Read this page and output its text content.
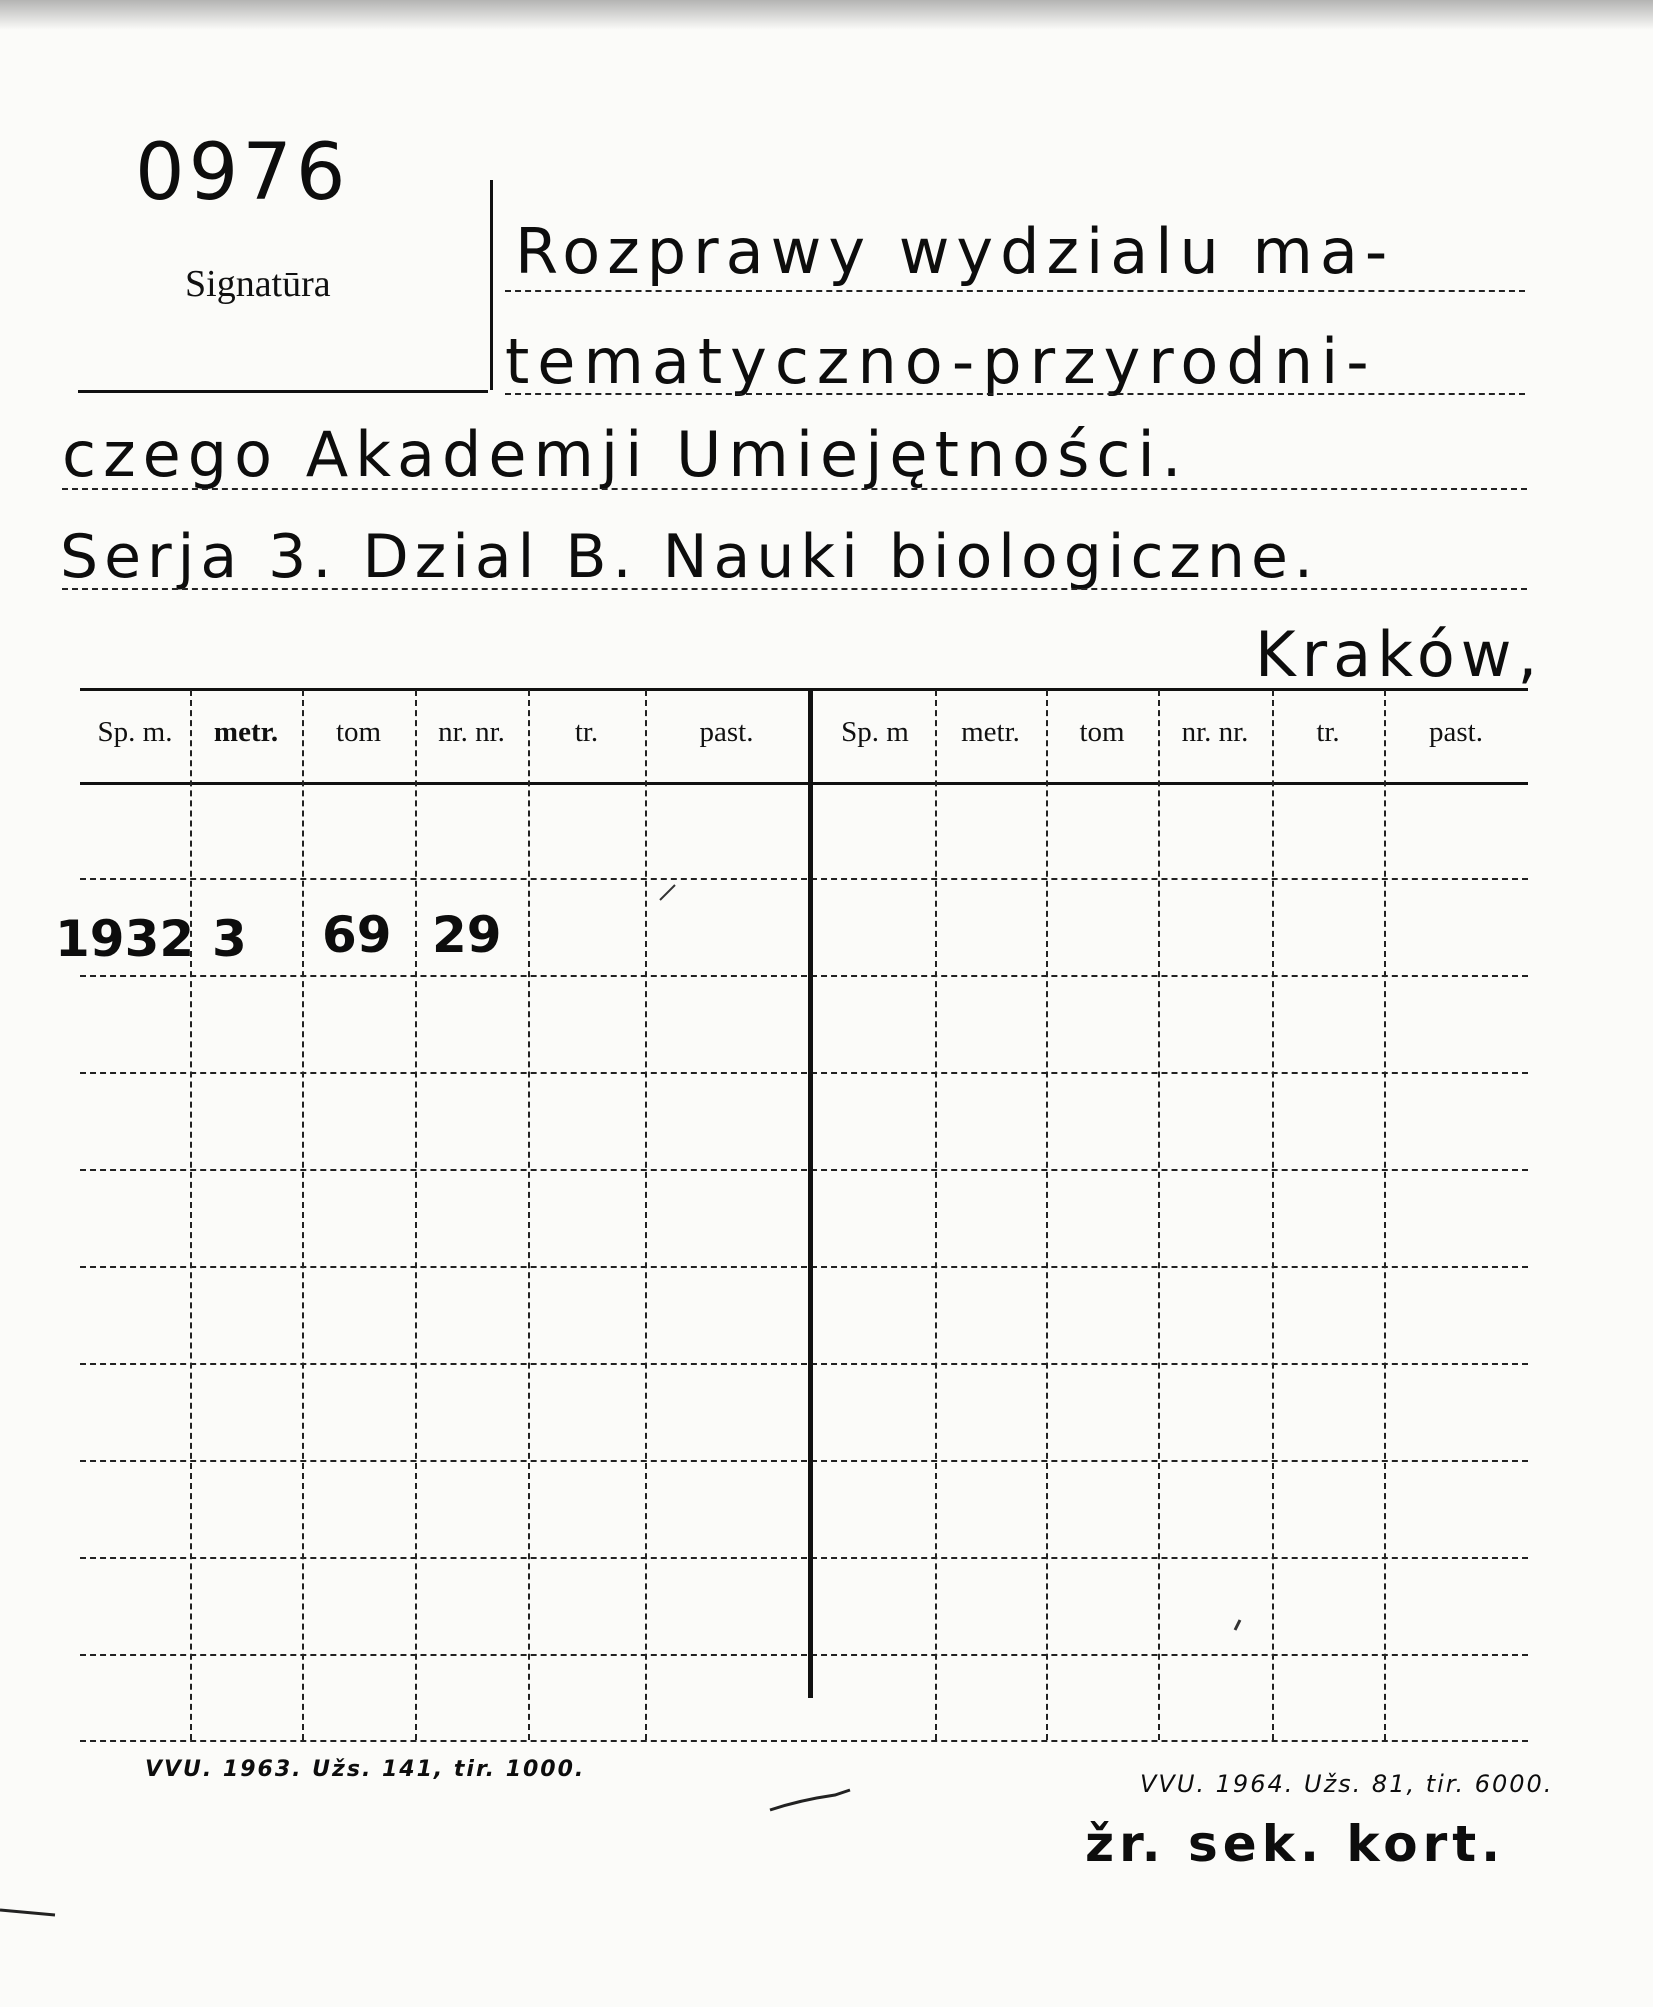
0976
Signatūra	Rozprawy wydzialu ma-
tematyczno-przyrodni-
czego Akademji Umiejętności.
Serja 3. Dzial B. Nauki biologiczne.
Kraków,
Sp. m.	metr.	tom	nr. nr.	tr.	past.	Sp. m	metr.	tom	nr. nr.	tr.	past.
1932 3 69 29
VVU. 1963. Užs. 141, tir. 1000.
VVU. 1964. Užs. 81, tir. 6000.
žr. sek. kort.
